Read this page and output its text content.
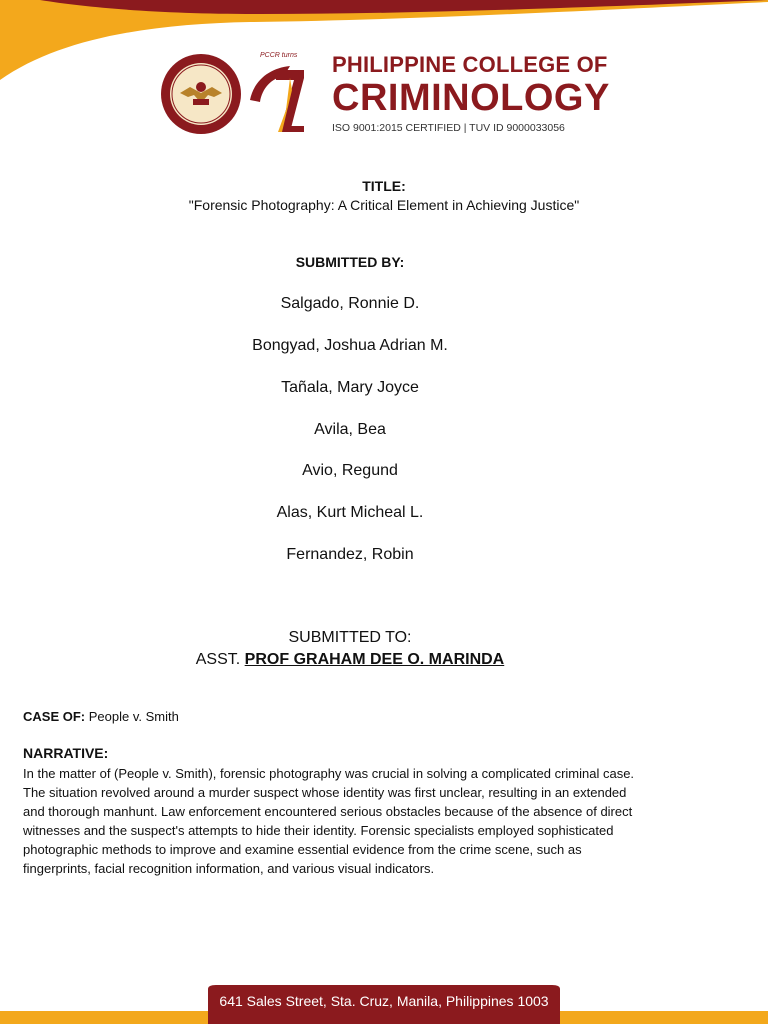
PCCR turns PHILIPPINE COLLEGE OF
CRIMINOLOGY
ISO 9001:2015 CERTIFIED | TUV ID 9000033056
TITLE:
"Forensic Photography: A Critical Element in Achieving Justice"
SUBMITTED BY:
Salgado, Ronnie D.
Bongyad, Joshua Adrian M.
Tañala, Mary Joyce
Avila, Bea
Avio, Regund
Alas, Kurt Micheal L.
Fernandez, Robin
SUBMITTED TO:
ASST. PROF GRAHAM DEE O. MARINDA
CASE OF: People v. Smith
NARRATIVE:
In the matter of (People v. Smith), forensic photography was crucial in solving a complicated criminal case.
The situation revolved around a murder suspect whose identity was first unclear, resulting in an extended
and thorough manhunt. Law enforcement encountered serious obstacles because of the absence of direct
witnesses and the suspect's attempts to hide their identity. Forensic specialists employed sophisticated
photographic methods to improve and examine essential evidence from the crime scene, such as
fingerprints, facial recognition information, and various visual indicators.
641 Sales Street, Sta. Cruz, Manila, Philippines 1003
